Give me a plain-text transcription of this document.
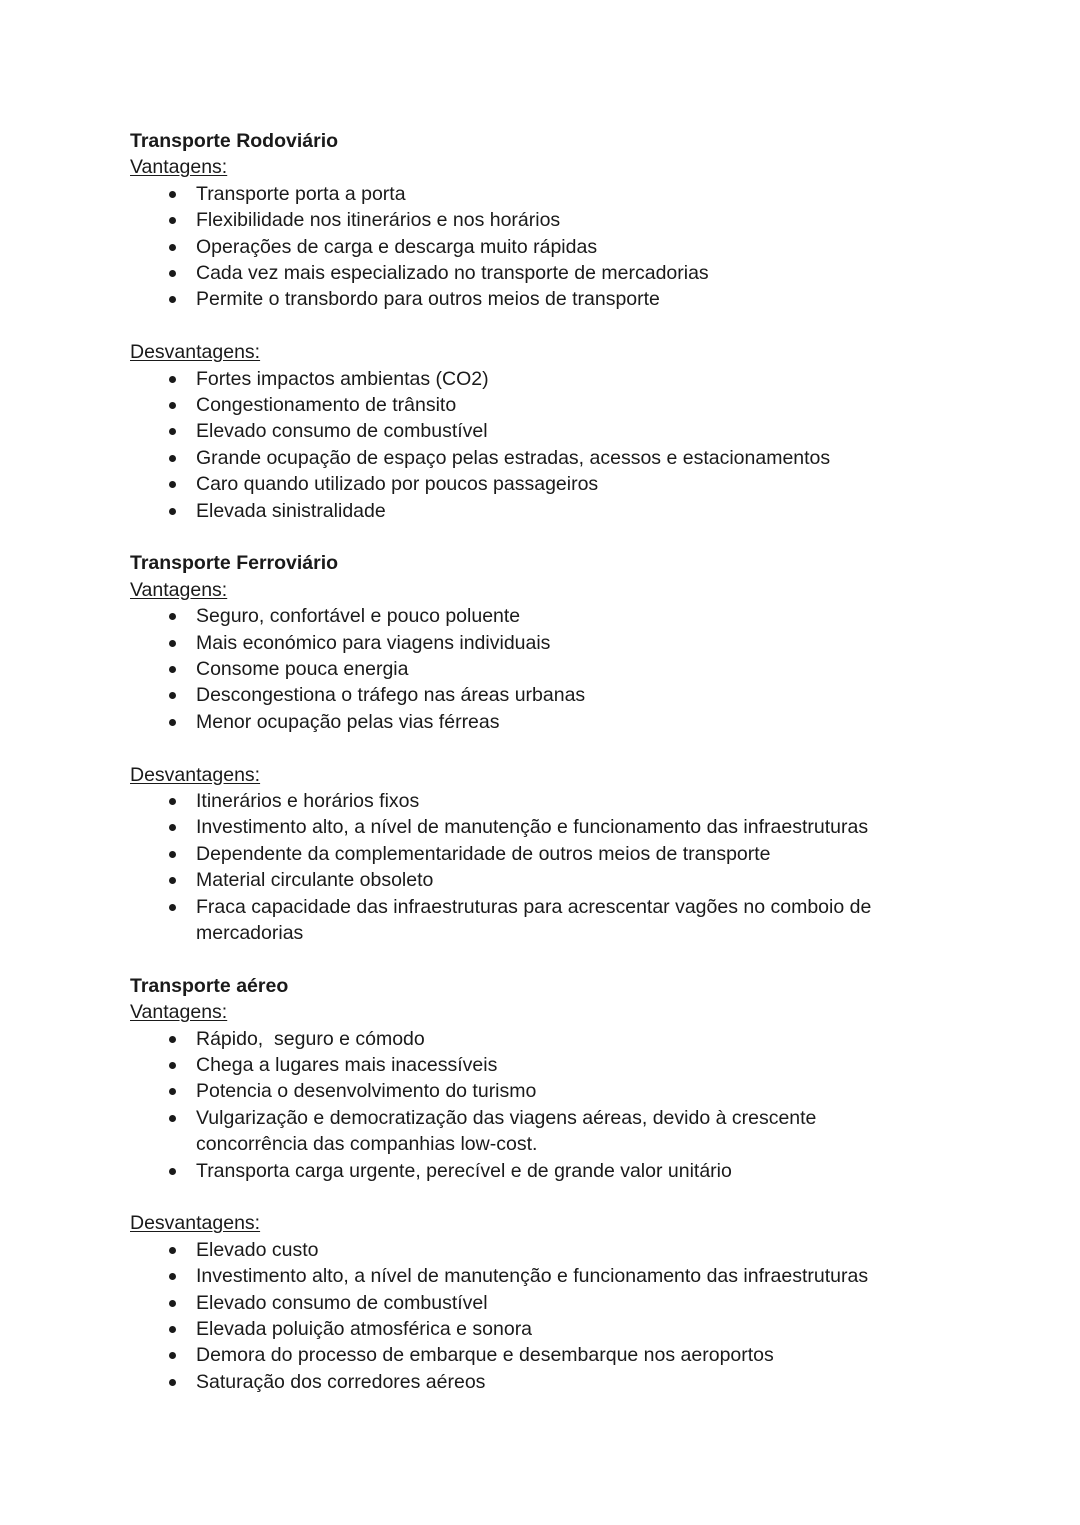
Transporte Rodoviário
Vantagens:
Transporte porta a porta
Flexibilidade nos itinerários e nos horários
Operações de carga e descarga muito rápidas
Cada vez mais especializado no transporte de mercadorias
Permite o transbordo para outros meios de transporte
Desvantagens:
Fortes impactos ambientas (CO2)
Congestionamento de trânsito
Elevado consumo de combustível
Grande ocupação de espaço pelas estradas, acessos e estacionamentos
Caro quando utilizado por poucos passageiros
Elevada sinistralidade
Transporte Ferroviário
Vantagens:
Seguro, confortável e pouco poluente
Mais económico para viagens individuais
Consome pouca energia
Descongestiona o tráfego nas áreas urbanas
Menor ocupação pelas vias férreas
Desvantagens:
Itinerários e horários fixos
Investimento alto, a nível de manutenção e funcionamento das infraestruturas
Dependente da complementaridade de outros meios de transporte
Material circulante obsoleto
Fraca capacidade das infraestruturas para acrescentar vagões no comboio de mercadorias
Transporte aéreo
Vantagens:
Rápido,  seguro e cómodo
Chega a lugares mais inacessíveis
Potencia o desenvolvimento do turismo
Vulgarização e democratização das viagens aéreas, devido à crescente concorrência das companhias low-cost.
Transporta carga urgente, perecível e de grande valor unitário
Desvantagens:
Elevado custo
Investimento alto, a nível de manutenção e funcionamento das infraestruturas
Elevado consumo de combustível
Elevada poluição atmosférica e sonora
Demora do processo de embarque e desembarque nos aeroportos
Saturação dos corredores aéreos
